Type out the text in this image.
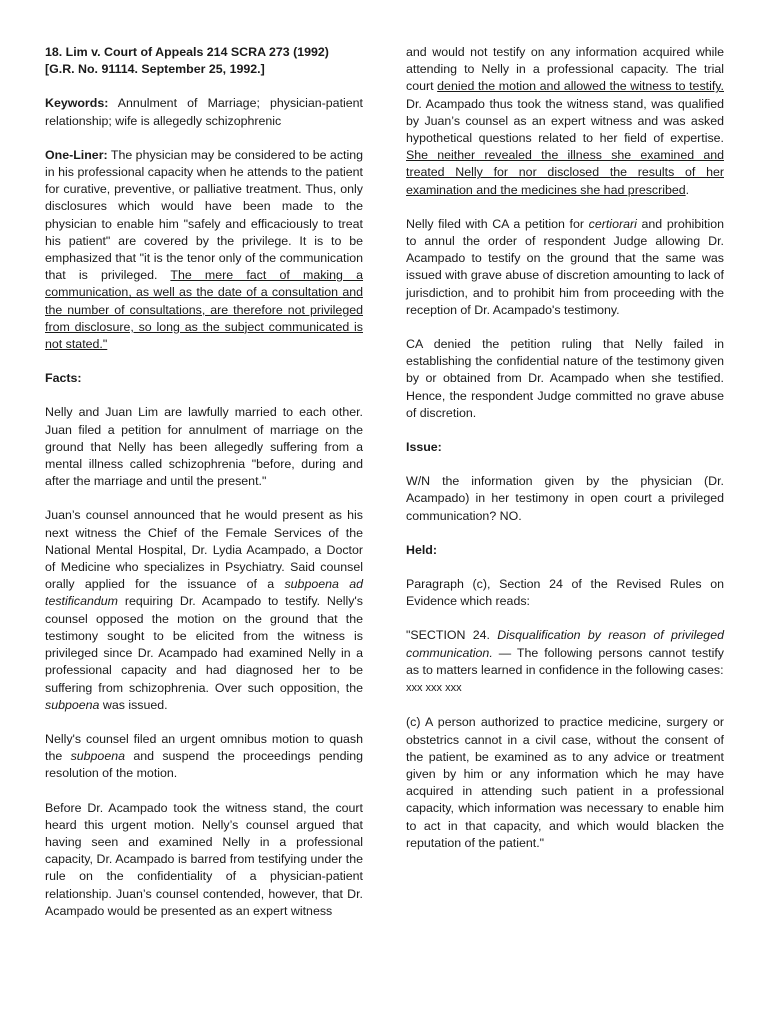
18. Lim v. Court of Appeals 214 SCRA 273 (1992)
[G.R. No. 91114. September 25, 1992.]

Keywords: Annulment of Marriage; physician-patient relationship; wife is allegedly schizophrenic

One-Liner: The physician may be considered to be acting in his professional capacity when he attends to the patient for curative, preventive, or palliative treatment. Thus, only disclosures which would have been made to the physician to enable him "safely and efficaciously to treat his patient" are covered by the privilege. It is to be emphasized that "it is the tenor only of the communication that is privileged. The mere fact of making a communication, as well as the date of a consultation and the number of consultations, are therefore not privileged from disclosure, so long as the subject communicated is not stated."

Facts:

Nelly and Juan Lim are lawfully married to each other. Juan filed a petition for annulment of marriage on the ground that Nelly has been allegedly suffering from a mental illness called schizophrenia "before, during and after the marriage and until the present."

Juan’s counsel announced that he would present as his next witness the Chief of the Female Services of the National Mental Hospital, Dr. Lydia Acampado, a Doctor of Medicine who specializes in Psychiatry. Said counsel orally applied for the issuance of a subpoena ad testificandum requiring Dr. Acampado to testify. Nelly's counsel opposed the motion on the ground that the testimony sought to be elicited from the witness is privileged since Dr. Acampado had examined Nelly in a professional capacity and had diagnosed her to be suffering from schizophrenia. Over such opposition, the subpoena was issued.

Nelly's counsel filed an urgent omnibus motion to quash the subpoena and suspend the proceedings pending resolution of the motion.

Before Dr. Acampado took the witness stand, the court heard this urgent motion. Nelly’s counsel argued that having seen and examined Nelly in a professional capacity, Dr. Acampado is barred from testifying under the rule on the confidentiality of a physician-patient relationship. Juan’s counsel contended, however, that Dr. Acampado would be presented as an expert witness

and would not testify on any information acquired while attending to Nelly in a professional capacity. The trial court denied the motion and allowed the witness to testify. Dr. Acampado thus took the witness stand, was qualified by Juan’s counsel as an expert witness and was asked hypothetical questions related to her field of expertise. She neither revealed the illness she examined and treated Nelly for nor disclosed the results of her examination and the medicines she had prescribed.

Nelly filed with CA a petition for certiorari and prohibition to annul the order of respondent Judge allowing Dr. Acampado to testify on the ground that the same was issued with grave abuse of discretion amounting to lack of jurisdiction, and to prohibit him from proceeding with the reception of Dr. Acampado's testimony.

CA denied the petition ruling that Nelly failed in establishing the confidential nature of the testimony given by or obtained from Dr. Acampado when she testified. Hence, the respondent Judge committed no grave abuse of discretion.

Issue:

W/N the information given by the physician (Dr. Acampado) in her testimony in open court a privileged communication? NO.

Held:

Paragraph (c), Section 24 of the Revised Rules on Evidence which reads:

"SECTION 24. Disqualification by reason of privileged communication. — The following persons cannot testify as to matters learned in confidence in the following cases:
xxx xxx xxx

(c) A person authorized to practice medicine, surgery or obstetrics cannot in a civil case, without the consent of the patient, be examined as to any advice or treatment given by him or any information which he may have acquired in attending such patient in a professional capacity, which information was necessary to enable him to act in that capacity, and which would blacken the reputation of the patient."
